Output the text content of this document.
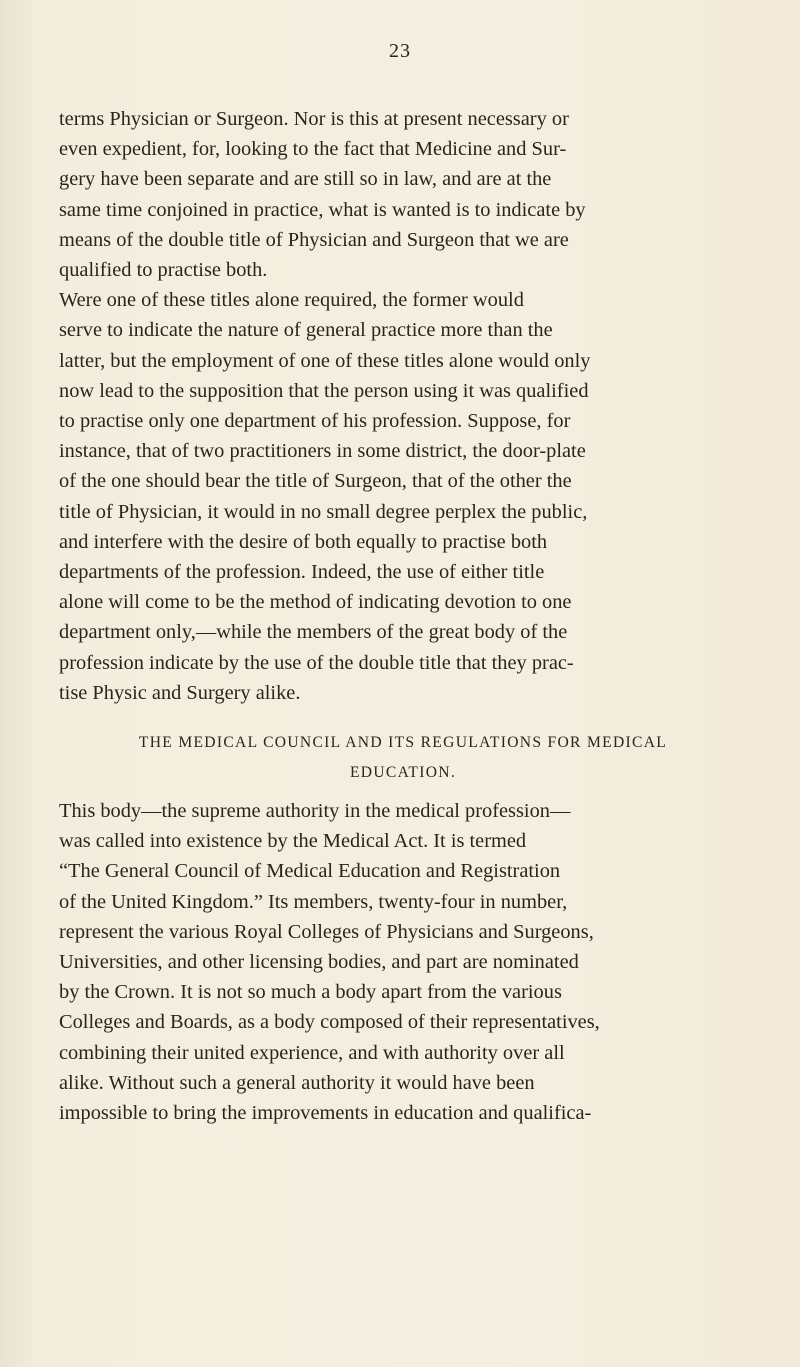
23

terms Physician or Surgeon. Nor is this at present necessary or
even expedient, for, looking to the fact that Medicine and Sur-
gery have been separate and are still so in law, and are at the
same time conjoined in practice, what is wanted is to indicate by
means of the double title of Physician and Surgeon that we are
qualified to practise both.

Were one of these titles alone required, the former would
serve to indicate the nature of general practice more than the
latter, but the employment of one of these titles alone would only
now lead to the supposition that the person using it was qualified
to practise only one department of his profession. Suppose, for
instance, that of two practitioners in some district, the door-plate
of the one should bear the title of Surgeon, that of the other the
title of Physician, it would in no small degree perplex the public,
and interfere with the desire of both equally to practise both
departments of the profession. Indeed, the use of either title
alone will come to be the method of indicating devotion to one
department only,—while the members of the great body of the
profession indicate by the use of the double title that they prac-
tise Physic and Surgery alike.

THE MEDICAL COUNCIL AND ITS REGULATIONS FOR MEDICAL
EDUCATION.

This body—the supreme authority in the medical profession—
was called into existence by the Medical Act. It is termed
“The General Council of Medical Education and Registration
of the United Kingdom.” Its members, twenty-four in number,
represent the various Royal Colleges of Physicians and Surgeons,
Universities, and other licensing bodies, and part are nominated
by the Crown. It is not so much a body apart from the various
Colleges and Boards, as a body composed of their representatives,
combining their united experience, and with authority over all
alike. Without such a general authority it would have been
impossible to bring the improvements in education and qualifica-
